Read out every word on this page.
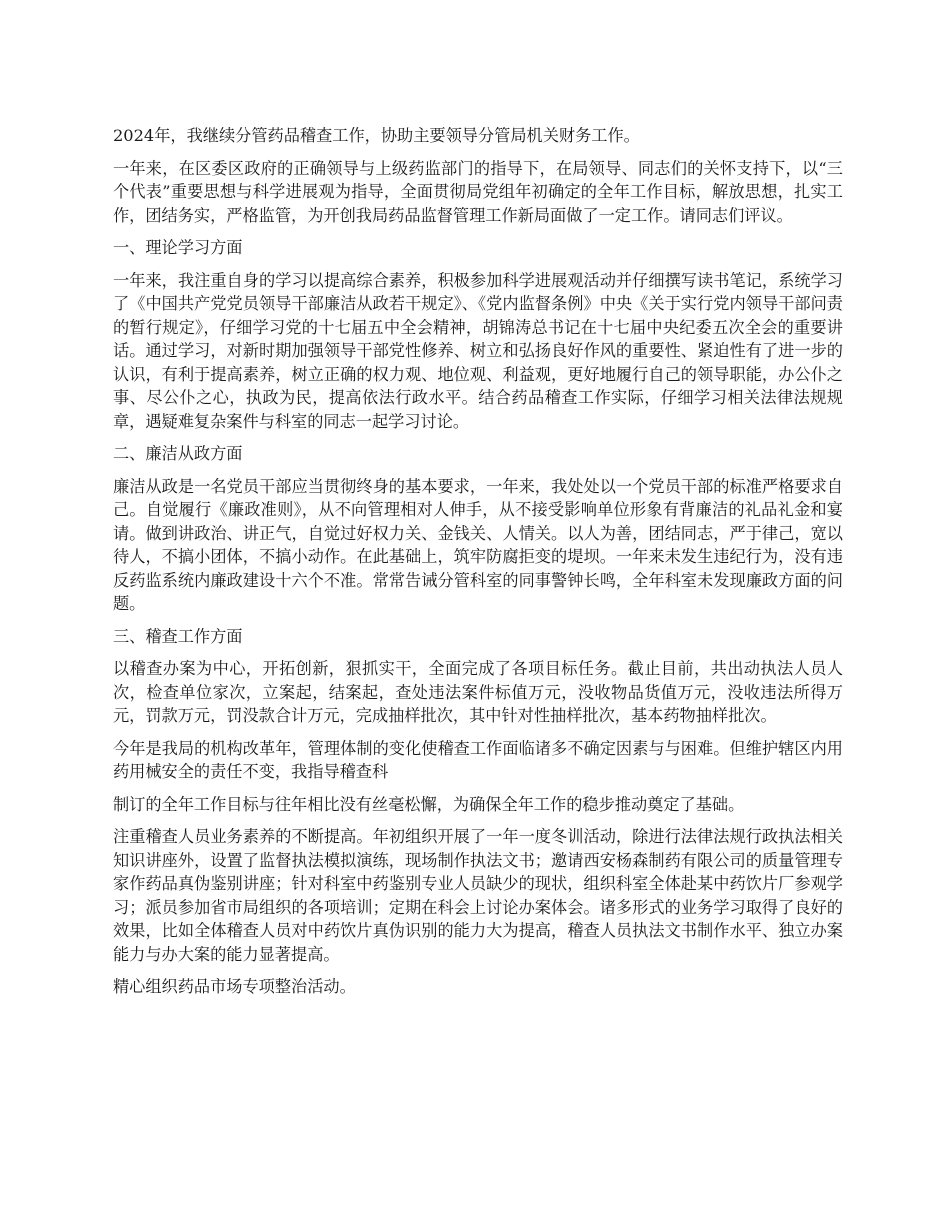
2024年，我继续分管药品稽查工作，协助主要领导分管局机关财务工作。

一年来，在区委区政府的正确领导与上级药监部门的指导下，在局领导、同志们的关怀支持下，以“三个代表”重要思想与科学进展观为指导，全面贯彻局党组年初确定的全年工作目标，解放思想，扎实工作，团结务实，严格监管，为开创我局药品监督管理工作新局面做了一定工作。请同志们评议。

一、理论学习方面

一年来，我注重自身的学习以提高综合素养，积极参加科学进展观活动并仔细撰写读书笔记，系统学习了《中国共产党党员领导干部廉洁从政若干规定》、《党内监督条例》中央《关于实行党内领导干部问责的暂行规定》，仔细学习党的十七届五中全会精神，胡锦涛总书记在十七届中央纪委五次全会的重要讲话。通过学习，对新时期加强领导干部党性修养、树立和弘扬良好作风的重要性、紧迫性有了进一步的认识，有利于提高素养，树立正确的权力观、地位观、利益观，更好地履行自己的领导职能，办公仆之事、尽公仆之心，执政为民，提高依法行政水平。结合药品稽查工作实际，仔细学习相关法律法规规章，遇疑难复杂案件与科室的同志一起学习讨论。

二、廉洁从政方面

廉洁从政是一名党员干部应当贯彻终身的基本要求，一年来，我处处以一个党员干部的标准严格要求自己。自觉履行《廉政准则》，从不向管理相对人伸手，从不接受影响单位形象有背廉洁的礼品礼金和宴请。做到讲政治、讲正气，自觉过好权力关、金钱关、人情关。以人为善，团结同志，严于律己，宽以待人，不搞小团体，不搞小动作。在此基础上，筑牢防腐拒变的堤坝。一年来未发生违纪行为，没有违反药监系统内廉政建设十六个不准。常常告诫分管科室的同事警钟长鸣，全年科室未发现廉政方面的问题。

三、稽查工作方面

以稽查办案为中心，开拓创新，狠抓实干，全面完成了各项目标任务。截止目前，共出动执法人员人次，检查单位家次，立案起，结案起，查处违法案件标值万元，没收物品货值万元，没收违法所得万元，罚款万元，罚没款合计万元，完成抽样批次，其中针对性抽样批次，基本药物抽样批次。

今年是我局的机构改革年，管理体制的变化使稽查工作面临诸多不确定因素与与困难。但维护辖区内用药用械安全的责任不变，我指导稽查科

制订的全年工作目标与往年相比没有丝毫松懈，为确保全年工作的稳步推动奠定了基础。

注重稽查人员业务素养的不断提高。年初组织开展了一年一度冬训活动，除进行法律法规行政执法相关知识讲座外，设置了监督执法模拟演练，现场制作执法文书；邀请西安杨森制药有限公司的质量管理专家作药品真伪鉴别讲座；针对科室中药鉴别专业人员缺少的现状，组织科室全体赴某中药饮片厂参观学习；派员参加省市局组织的各项培训；定期在科会上讨论办案体会。诸多形式的业务学习取得了良好的效果，比如全体稽查人员对中药饮片真伪识别的能力大为提高，稽查人员执法文书制作水平、独立办案能力与办大案的能力显著提高。

精心组织药品市场专项整治活动。
